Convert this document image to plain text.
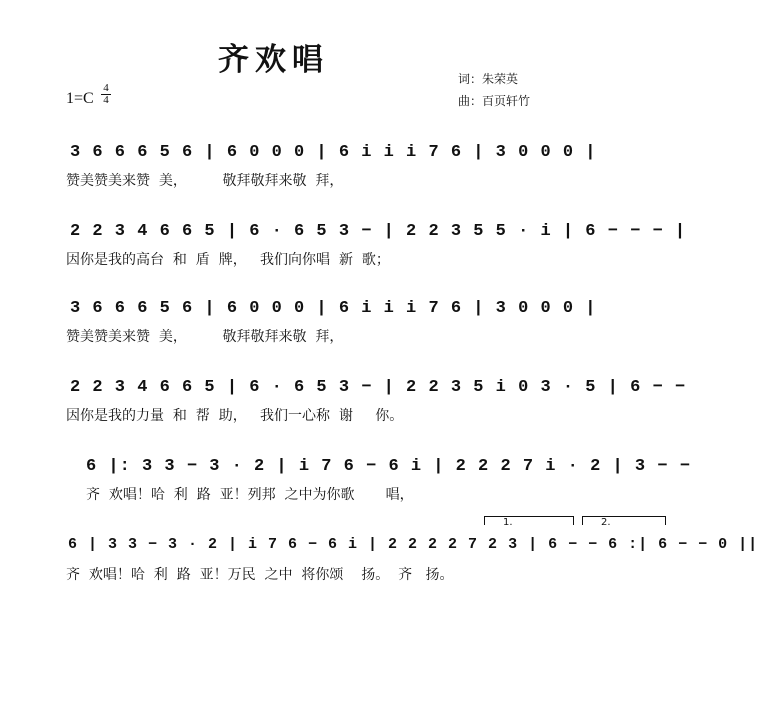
齐欢唱
词：朱荣英
曲：百页轩竹
$1=C \frac{4}{4}$
3 6 6 6 5 6 | 6 0 0 0 | 6 i i i 7 6 | 3 0 0 0 |
赞美赞美来赞  美，        敬拜敬拜来敬  拜，
2 2 3 4 6 6 5 | 6 · 6 5 3 − | 2 2 3 5 5 · i | 6 − − − |
因你是我的高台  和  盾  牌，   我们向你唱  新  歌；
3 6 6 6 5 6 | 6 0 0 0 | 6 i i i 7 6 | 3 0 0 0 |
赞美赞美来赞  美，        敬拜敬拜来敬  拜，
2 2 3 4 6 6 5 | 6 · 6 5 3 − | 2 2 3 5 i 0 3 · 5 | 6 − −
因你是我的力量  和  帮  助，   我们一心称  谢     你。
6 |: 3 3 − 3 · 2 | i 7 6 − 6 i | 2 2 2 7 i · 2 | 3 − −
齐  欢唱！哈  利  路  亚！列邦  之中为你歌       唱，
1.	2.
6 | 3 3 − 3 · 2 | i 7 6 − 6 i | 2 2 2 2 7 2 3 | 6 − − 6 :| 6 − − 0 ||
齐  欢唱！哈  利  路  亚！万民  之中  将你颂    扬。  齐   扬。
